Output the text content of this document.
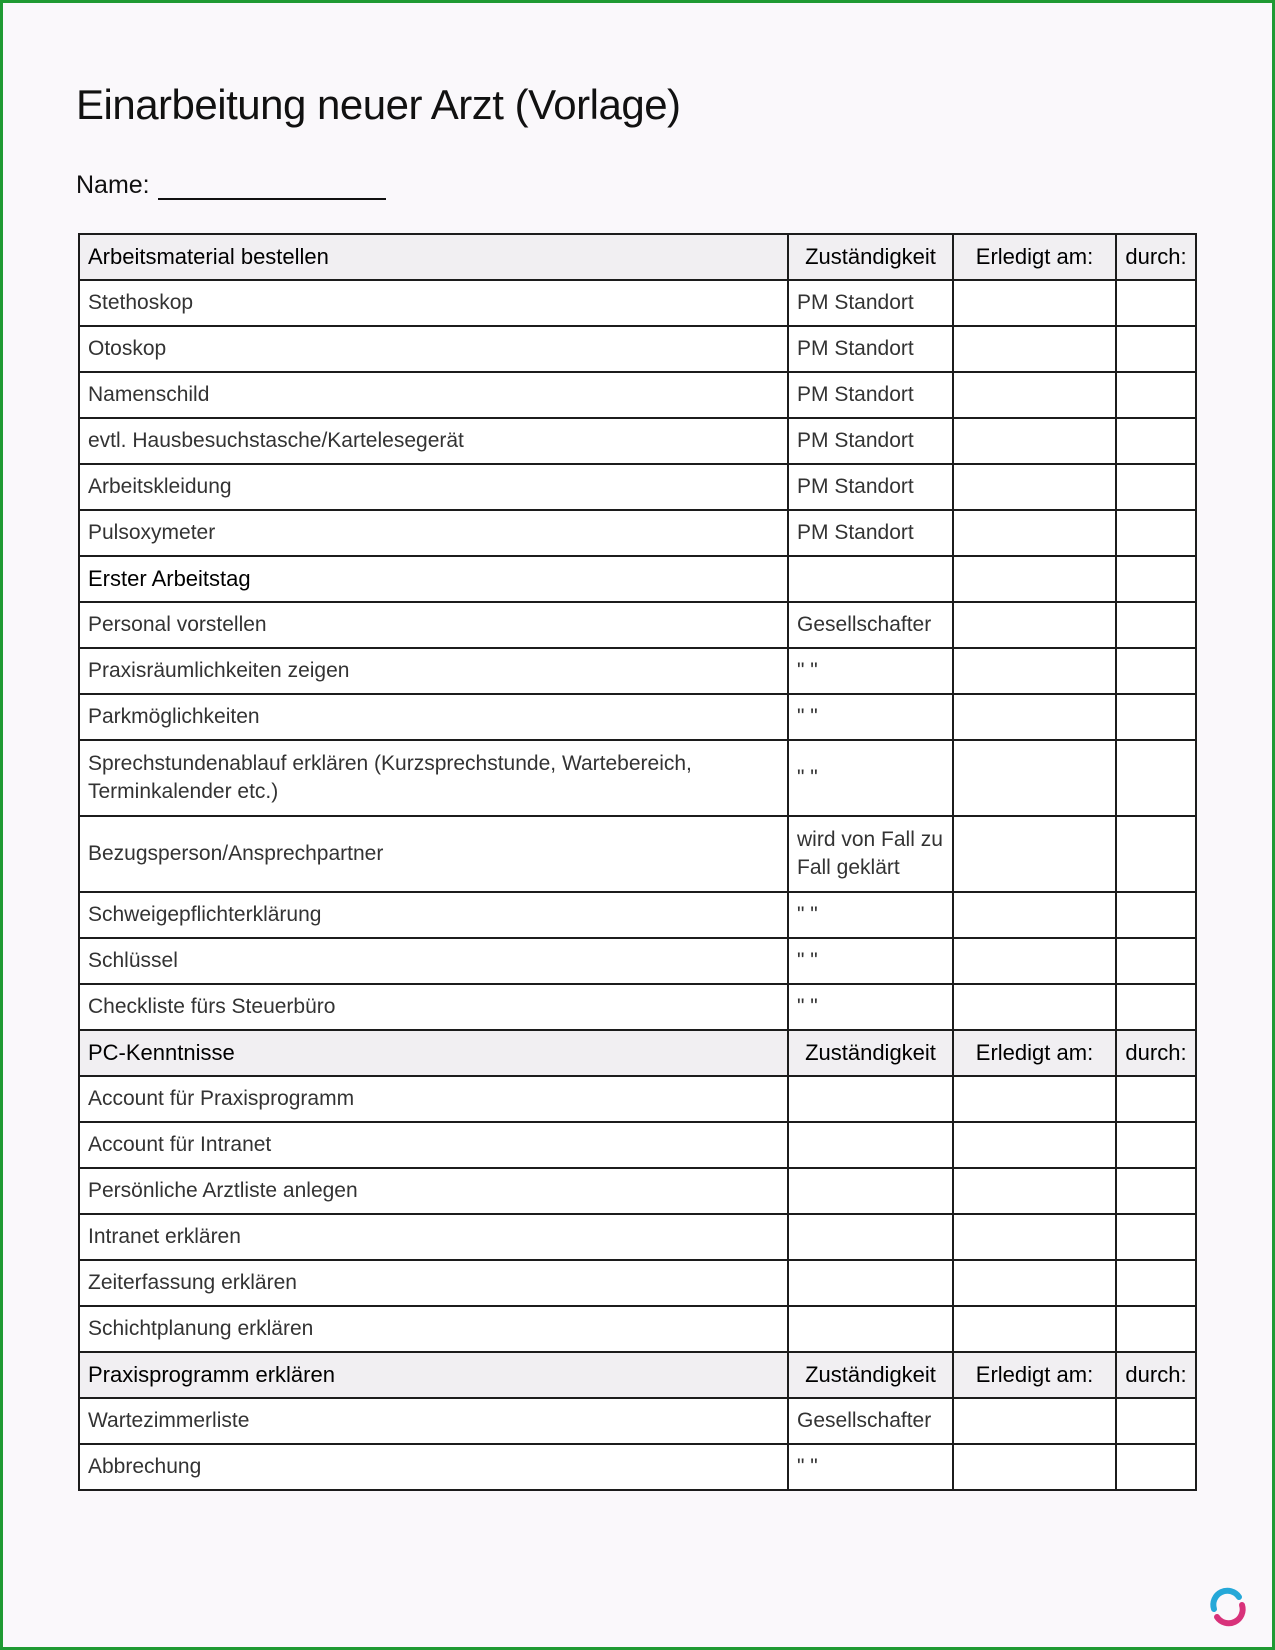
Einarbeitung neuer Arzt (Vorlage)
Name:
Arbeitsmaterial bestellen	Zuständigkeit	Erledigt am:	durch:
Stethoskop	PM Standort		
Otoskop	PM Standort		
Namenschild	PM Standort		
evtl. Hausbesuchstasche/Kartelesegerät	PM Standort		
Arbeitskleidung	PM Standort		
Pulsoxymeter	PM Standort		
Erster Arbeitstag			
Personal vorstellen	Gesellschafter		
Praxisräumlichkeiten zeigen	" "		
Parkmöglichkeiten	" "		
Sprechstundenablauf erklären (Kurzsprechstunde, Wartebereich, Terminkalender etc.)	" "		
Bezugsperson/Ansprechpartner	wird von Fall zu Fall geklärt		
Schweigepflichterklärung	" "		
Schlüssel	" "		
Checkliste fürs Steuerbüro	" "		
PC-Kenntnisse	Zuständigkeit	Erledigt am:	durch:
Account für Praxisprogramm			
Account für Intranet			
Persönliche Arztliste anlegen			
Intranet erklären			
Zeiterfassung erklären			
Schichtplanung erklären			
Praxisprogramm erklären	Zuständigkeit	Erledigt am:	durch:
Wartezimmerliste	Gesellschafter		
Abbrechung	" "		
